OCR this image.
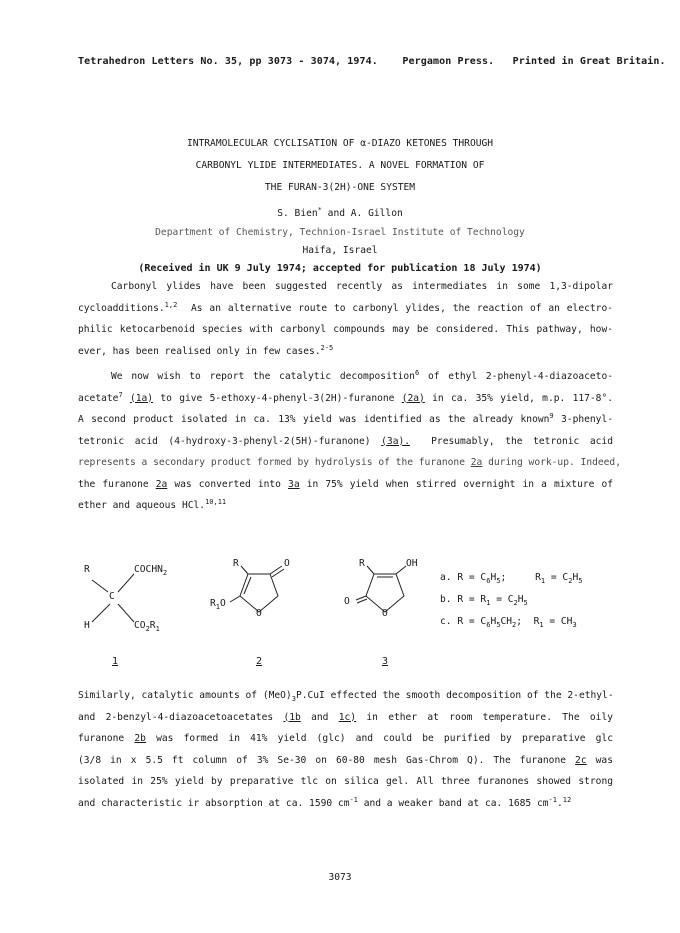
Tetrahedron Letters No. 35, pp 3073 - 3074, 1974. Pergamon Press. Printed in Great Britain.
INTRAMOLECULAR CYCLISATION OF α-DIAZO KETONES THROUGH
CARBONYL YLIDE INTERMEDIATES. A NOVEL FORMATION OF
THE FURAN-3(2H)-ONE SYSTEM
S. Bien* and A. Gillon
Department of Chemistry, Technion-Israel Institute of Technology
Haifa, Israel
(Received in UK 9 July 1974; accepted for publication 18 July 1974)
Carbonyl ylides have been suggested recently as intermediates in some 1,3-dipolar
cycloadditions.$^{1,2}$ As an alternative route to carbonyl ylides, the reaction of an electro-
philic ketocarbenoid species with carbonyl compounds may be considered. This pathway, how-
ever, has been realised only in few cases.$^{2-5}$
We now wish to report the catalytic decomposition$^6$ of ethyl 2-phenyl-4-diazoaceto-
acetate$^7$ (1a) to give 5-ethoxy-4-phenyl-3(2H)-furanone (2a) in ca. 35% yield, m.p. 117-8°.
A second product isolated in ca. 13% yield was identified as the already known$^9$ 3-phenyl-
tetronic acid (4-hydroxy-3-phenyl-2(5H)-furanone) (3a). Presumably, the tetronic acid
represents a secondary product formed by hydrolysis of the furanone 2a during work-up. Indeed,
the furanone 2a was converted into 3a in 75% yield when stirred overnight in a mixture of
ether and aqueous HCl.$^{10,11}$
R	$COCHN_2$
C
H	$CO_2R_1$
1
R	O
$R_1O$
O
2
R	OH
O
O
3
a. $R = C_6H_5$;	$R_1 = C_2H_5$
b. $R = R_1 = C_2H_5$
c. $R = C_6H_5CH_2$; $R_1 = CH_3$
Similarly, catalytic amounts of $(MeO)_3P.CuI$ effected the smooth decomposition of the 2-ethyl-
and 2-benzyl-4-diazoacetoacetates (1b and 1c) in ether at room temperature. The oily
furanone 2b was formed in 41% yield (glc) and could be purified by preparative glc
(3/8 in x 5.5 ft column of 3% Se-30 on 60-80 mesh Gas-Chrom Q). The furanone 2c was
isolated in 25% yield by preparative tlc on silica gel. All three furanones showed strong
and characteristic ir absorption at ca. 1590 $cm^{-1}$ and a weaker band at ca. 1685 $cm^{-1}.^{12}$
3073
